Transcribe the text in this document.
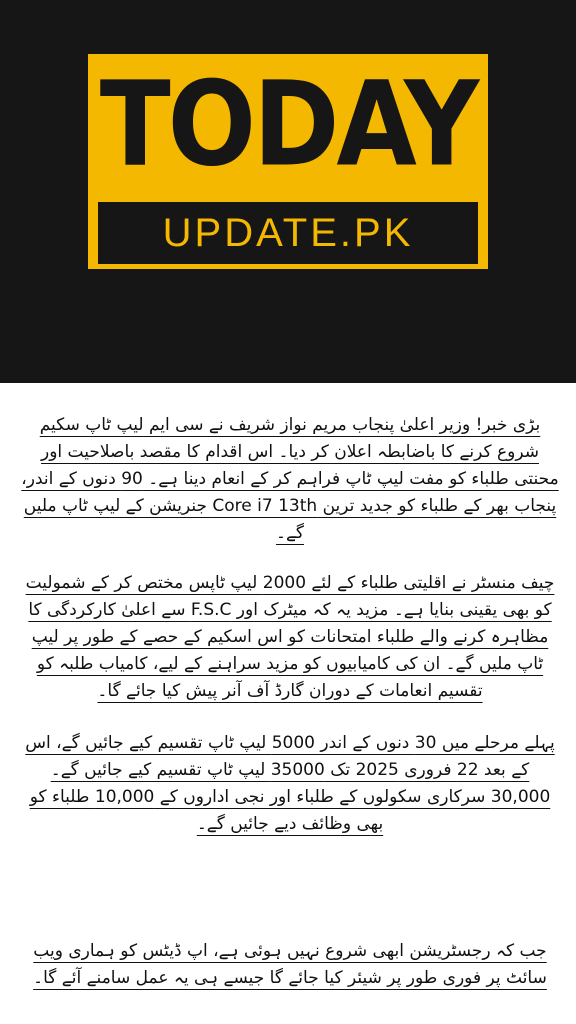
TODAY
UPDATE.PK

بڑی خبر! وزیر اعلیٰ پنجاب مریم نواز شریف نے سی ایم لیپ ٹاپ سکیم شروع کرنے کا باضابطہ اعلان کر دیا۔ اس اقدام کا مقصد باصلاحیت اور محنتی طلباء کو مفت لیپ ٹاپ فراہم کر کے انعام دینا ہے۔ 90 دنوں کے اندر، پنجاب بھر کے طلباء کو جدید ترین Core i7 13th جنریشن کے لیپ ٹاپ ملیں گے۔

چیف منسٹر نے اقلیتی طلباء کے لئے 2000 لیپ ٹاپس مختص کر کے شمولیت کو بھی یقینی بنایا ہے۔ مزید یہ کہ میٹرک اور F.S.C سے اعلیٰ کارکردگی کا مظاہرہ کرنے والے طلباء امتحانات کو اس اسکیم کے حصے کے طور پر لیپ ٹاپ ملیں گے۔ ان کی کامیابیوں کو مزید سراہنے کے لیے، کامیاب طلبہ کو تقسیم انعامات کے دوران گارڈ آف آنر پیش کیا جائے گا۔

پہلے مرحلے میں 30 دنوں کے اندر 5000 لیپ ٹاپ تقسیم کیے جائیں گے، اس کے بعد 22 فروری 2025 تک 35000 لیپ ٹاپ تقسیم کیے جائیں گے۔ 30,000 سرکاری سکولوں کے طلباء اور نجی اداروں کے 10,000 طلباء کو بھی وظائف دیے جائیں گے۔

جب کہ رجسٹریشن ابھی شروع نہیں ہوئی ہے، اپ ڈیٹس کو ہماری ویب سائٹ پر فوری طور پر شیئر کیا جائے گا جیسے ہی یہ عمل سامنے آئے گا۔
